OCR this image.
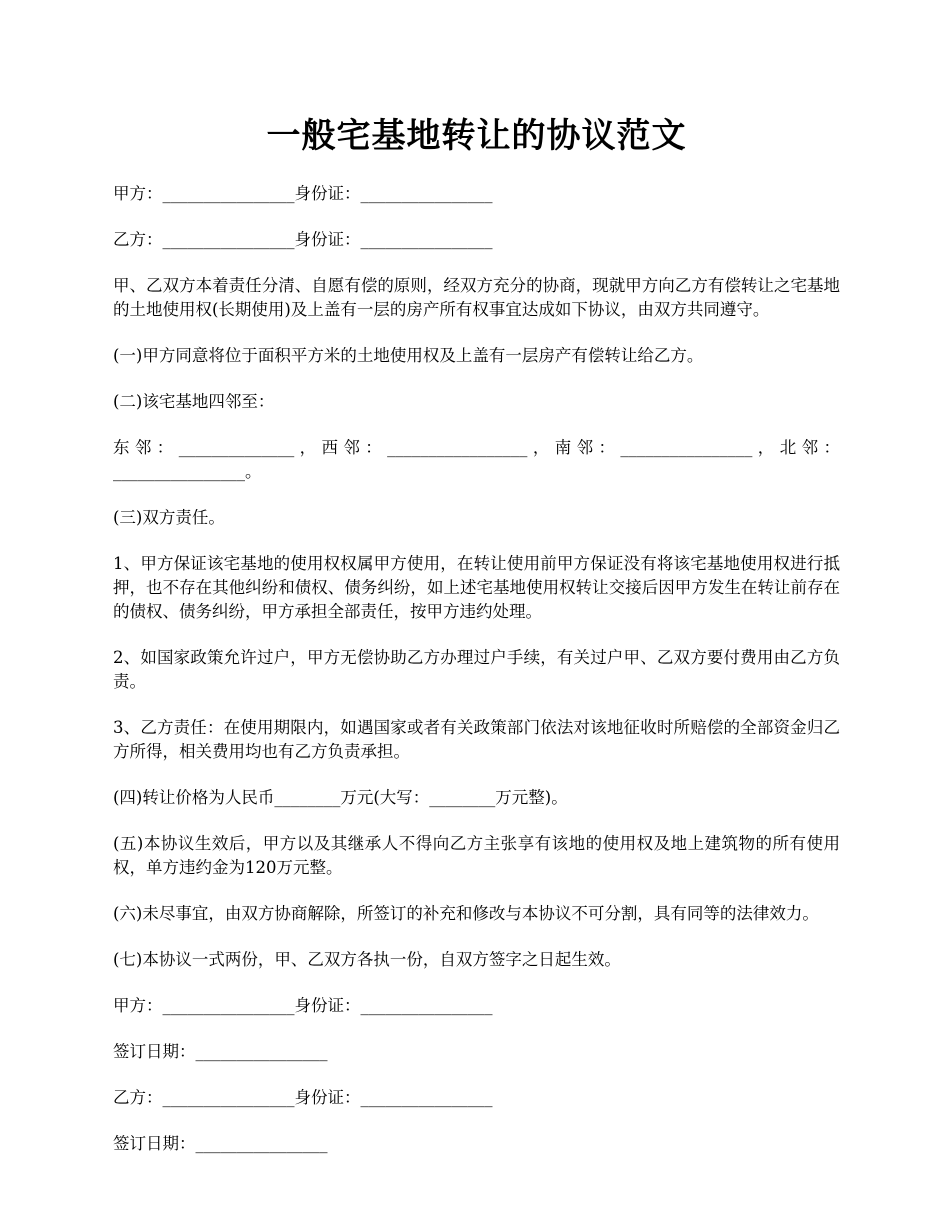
一般宅基地转让的协议范文

甲方：________________身份证：________________

乙方：________________身份证：________________

甲、乙双方本着责任分清、自愿有偿的原则，经双方充分的协商，现就甲方向乙方有偿转让之宅基地的土地使用权(长期使用)及上盖有一层的房产所有权事宜达成如下协议，由双方共同遵守。

(一)甲方同意将位于面积平方米的土地使用权及上盖有一层房产有偿转让给乙方。

(二)该宅基地四邻至：

东邻：______________，西邻：_________________，南邻：________________，北邻：________________。

(三)双方责任。

1、甲方保证该宅基地的使用权权属甲方使用，在转让使用前甲方保证没有将该宅基地使用权进行抵押，也不存在其他纠纷和债权、债务纠纷，如上述宅基地使用权转让交接后因甲方发生在转让前存在的债权、债务纠纷，甲方承担全部责任，按甲方违约处理。

2、如国家政策允许过户，甲方无偿协助乙方办理过户手续，有关过户甲、乙双方要付费用由乙方负责。

3、乙方责任：在使用期限内，如遇国家或者有关政策部门依法对该地征收时所赔偿的全部资金归乙方所得，相关费用均也有乙方负责承担。

(四)转让价格为人民币________万元(大写：________万元整)。

(五)本协议生效后，甲方以及其继承人不得向乙方主张享有该地的使用权及地上建筑物的所有使用权，单方违约金为120万元整。

(六)未尽事宜，由双方协商解除，所签订的补充和修改与本协议不可分割，具有同等的法律效力。

(七)本协议一式两份，甲、乙双方各执一份，自双方签字之日起生效。

甲方：________________身份证：________________

签订日期：________________

乙方：________________身份证：________________

签订日期：________________
